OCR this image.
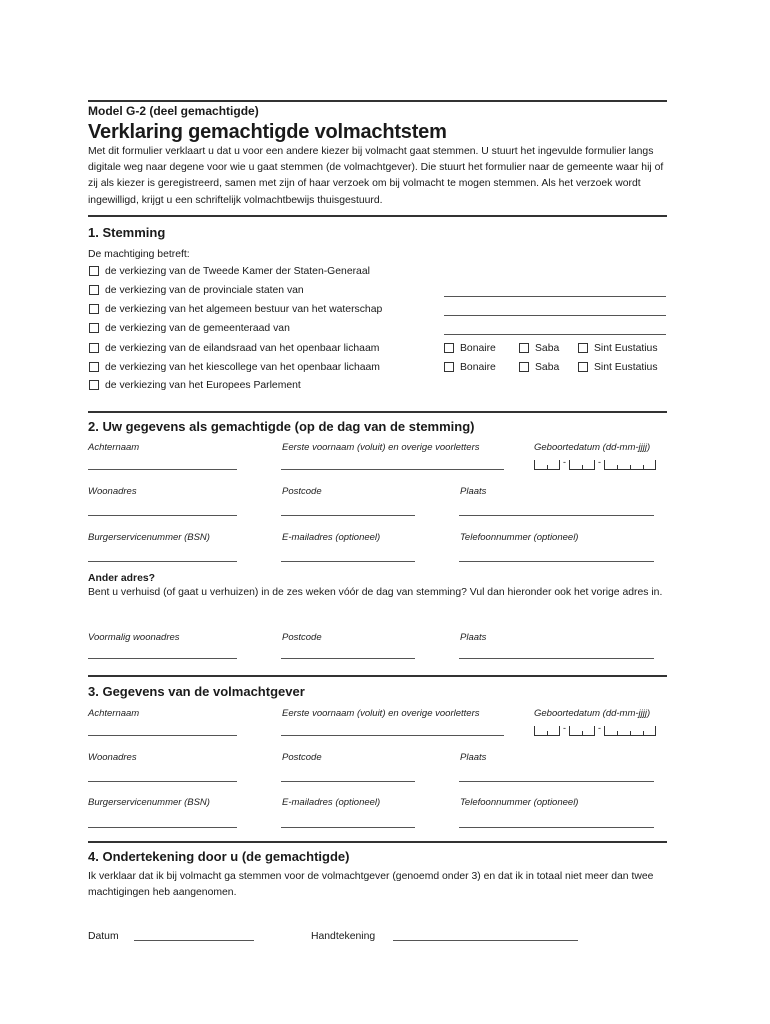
Model G-2 (deel gemachtigde)
Verklaring gemachtigde volmachtstem
Met dit formulier verklaart u dat u voor een andere kiezer bij volmacht gaat stemmen. U stuurt het ingevulde formulier langs digitale weg naar degene voor wie u gaat stemmen (de volmachtgever). Die stuurt het formulier naar de gemeente waar hij of zij als kiezer is geregistreerd, samen met zijn of haar verzoek om bij volmacht te mogen stemmen. Als het verzoek wordt ingewilligd, krijgt u een schriftelijk volmachtbewijs thuisgestuurd.
1. Stemming
De machtiging betreft:
de verkiezing van de Tweede Kamer der Staten-Generaal
de verkiezing van de provinciale staten van
de verkiezing van het algemeen bestuur van het waterschap
de verkiezing van de gemeenteraad van
de verkiezing van de eilandsraad van het openbaar lichaam	Bonaire	Saba	Sint Eustatius
de verkiezing van het kiescollege van het openbaar lichaam	Bonaire	Saba	Sint Eustatius
de verkiezing van het Europees Parlement
2. Uw gegevens als gemachtigde (op de dag van de stemming)
Achternaam	Eerste voornaam (voluit) en overige voorletters	Geboortedatum (dd-mm-jjjj)
-	-
Woonadres	Postcode	Plaats
Burgerservicenummer (BSN)	E-mailadres (optioneel)	Telefoonnummer (optioneel)
Ander adres?
Bent u verhuisd (of gaat u verhuizen) in de zes weken vóór de dag van stemming? Vul dan hieronder ook het vorige adres in.
Voormalig woonadres	Postcode	Plaats
3. Gegevens van de volmachtgever
Achternaam	Eerste voornaam (voluit) en overige voorletters	Geboortedatum (dd-mm-jjjj)
-	-
Woonadres	Postcode	Plaats
Burgerservicenummer (BSN)	E-mailadres (optioneel)	Telefoonnummer (optioneel)
4. Ondertekening door u (de gemachtigde)
Ik verklaar dat ik bij volmacht ga stemmen voor de volmachtgever (genoemd onder 3) en dat ik in totaal niet meer dan twee machtigingen heb aangenomen.
Datum	Handtekening
